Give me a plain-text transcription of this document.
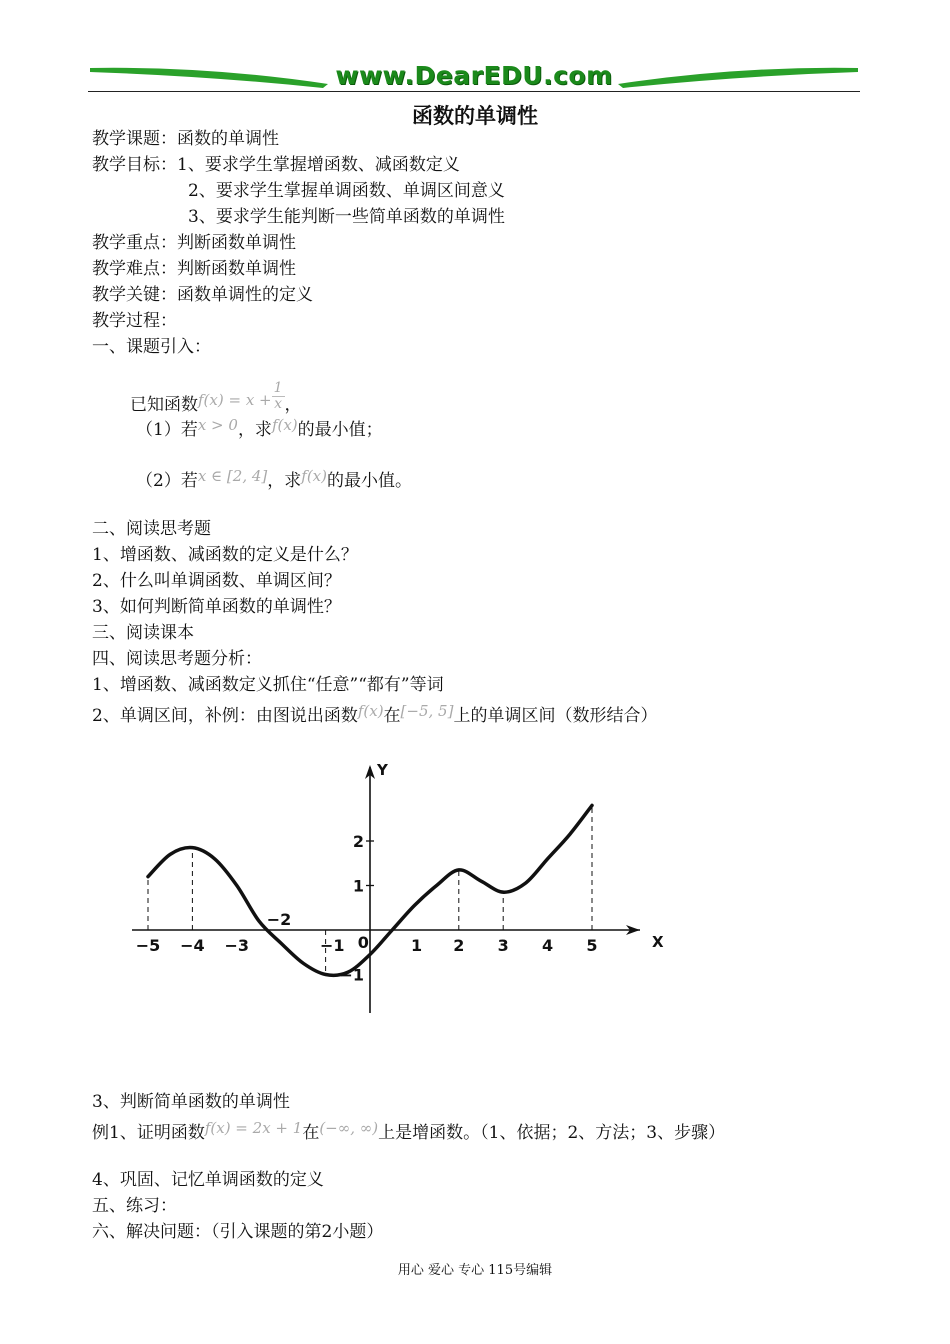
www.DearEDU.com
函数的单调性
教学课题：函数的单调性
教学目标：1、要求学生掌握增函数、减函数定义
2、要求学生掌握单调函数、单调区间意义
3、要求学生能判断一些简单函数的单调性
教学重点：判断函数单调性
教学难点：判断函数单调性
教学关键：函数单调性的定义
教学过程：
一、课题引入：
已知函数$f(x) = x + \frac{1}{x}$ ，
（1）若x > 0，求f(x)的最小值；
（2）若x ∈ [2, 4]，求f(x)的最小值。
二、阅读思考题
1、增函数、减函数的定义是什么？
2、什么叫单调函数、单调区间？
3、如何判断简单函数的单调性？
三、阅读课本
四、阅读思考题分析：
1、增函数、减函数定义抓住“任意”“都有”等词
2、单调区间，补例：由图说出函数f(x)在[−5, 5]上的单调区间（数形结合）
−5 −4 −3
−2
−1 0	1 2 3 4 5
2
1
−1
X
Y
3、判断简单函数的单调性
例1、证明函数f(x) = 2x + 1在(−∞, ∞)上是增函数。（1、依据；2、方法；3、步骤）
4、巩固、记忆单调函数的定义
五、练习：
六、解决问题：（引入课题的第2小题）
用心 爱心 专心 115号编辑
